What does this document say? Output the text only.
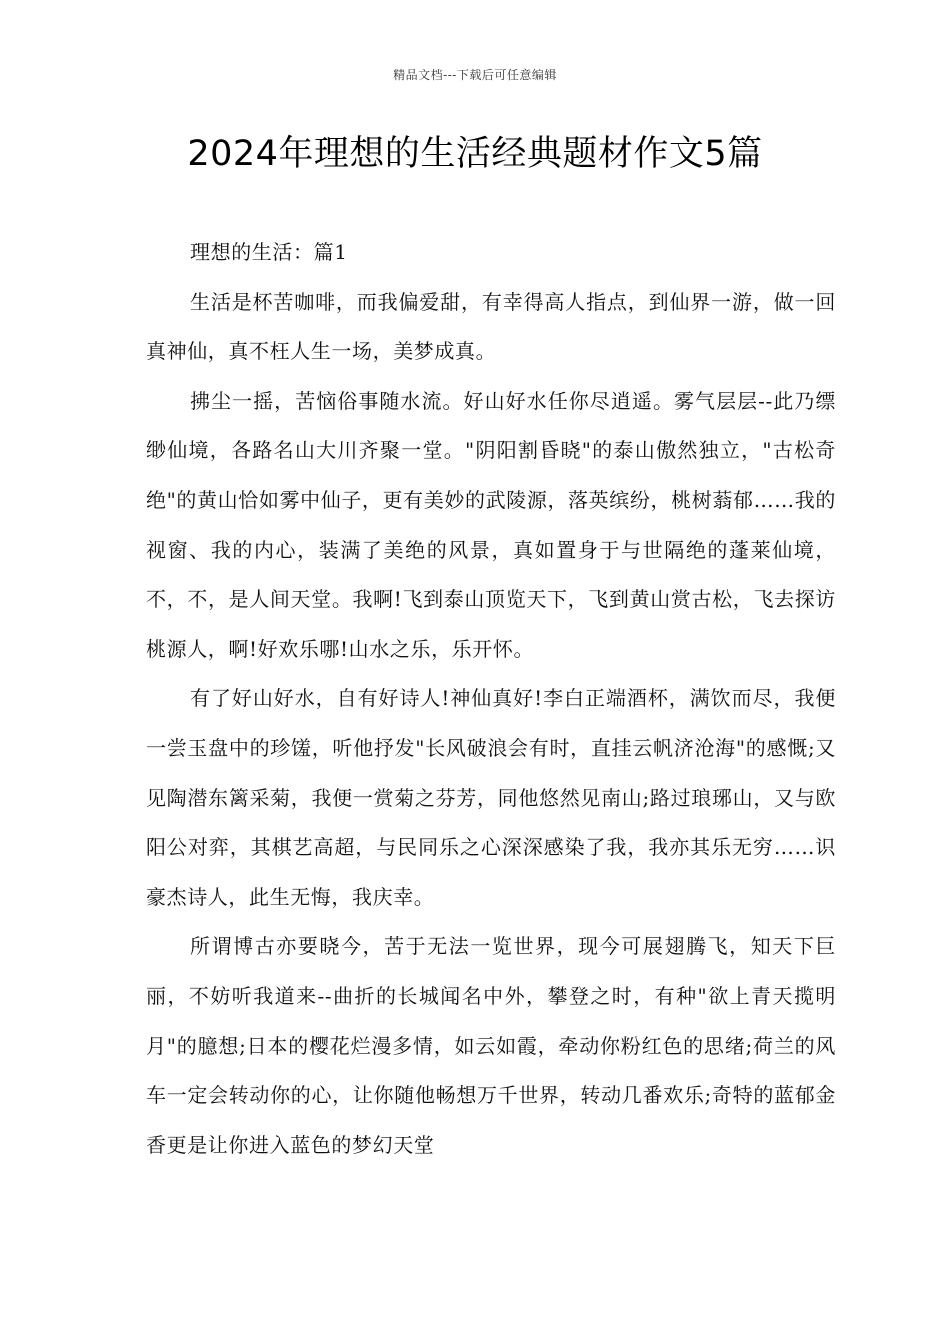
精品文档---下载后可任意编辑
2024年理想的生活经典题材作文5篇

理想的生活：篇1

生活是杯苦咖啡，而我偏爱甜，有幸得高人指点，到仙界一游，做一回真神仙，真不枉人生一场，美梦成真。

拂尘一摇，苦恼俗事随水流。好山好水任你尽逍遥。雾气层层--此乃缥缈仙境，各路名山大川齐聚一堂。"阴阳割昏晓"的泰山傲然独立，"古松奇绝"的黄山恰如雾中仙子，更有美妙的武陵源，落英缤纷，桃树蓊郁……我的视窗、我的内心，装满了美绝的风景，真如置身于与世隔绝的蓬莱仙境，不，不，是人间天堂。我啊!飞到泰山顶览天下，飞到黄山赏古松，飞去探访桃源人，啊!好欢乐哪!山水之乐，乐开怀。

有了好山好水，自有好诗人!神仙真好!李白正端酒杯，满饮而尽，我便一尝玉盘中的珍馐，听他抒发"长风破浪会有时，直挂云帆济沧海"的感慨;又见陶潜东篱采菊，我便一赏菊之芬芳，同他悠然见南山;路过琅琊山，又与欧阳公对弈，其棋艺高超，与民同乐之心深深感染了我，我亦其乐无穷……识豪杰诗人，此生无悔，我庆幸。

所谓博古亦要晓今，苦于无法一览世界，现今可展翅腾飞，知天下巨丽，不妨听我道来--曲折的长城闻名中外，攀登之时，有种"欲上青天揽明月"的臆想;日本的樱花烂漫多情，如云如霞，牵动你粉红色的思绪;荷兰的风车一定会转动你的心，让你随他畅想万千世界，转动几番欢乐;奇特的蓝郁金香更是让你进入蓝色的梦幻天堂
